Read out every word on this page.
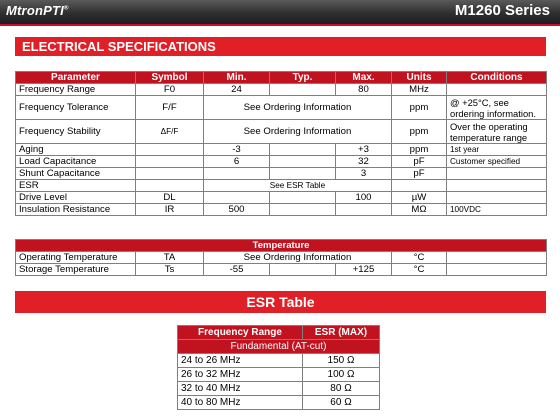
MtronPTI®	M1260 Series
ELECTRICAL SPECIFICATIONS
Parameter	Symbol	Min.	Typ.	Max.	Units	Conditions
Frequency Range	F0	24		80	MHz	
Frequency Tolerance	F/F	See Ordering Information			ppm	@ +25°C, see ordering information.
Frequency Stability	ΔF/F	See Ordering Information			ppm	Over the operating temperature range
Aging		-3		+3	ppm	1st year
Load Capacitance		6		32	pF	Customer specified
Shunt Capacitance				3	pF	
ESR		See ESR Table				
Drive Level	DL			100	µW	
Insulation Resistance	IR	500			MΩ	100VDC
Temperature						
Operating Temperature	TA	See Ordering Information			°C	
Storage Temperature	Ts	-55		+125	°C	
ESR Table
Frequency Range	ESR (MAX)
Fundamental (AT-cut)	
24 to 26 MHz	150 Ω
26 to 32 MHz	100 Ω
32 to 40 MHz	80 Ω
40 to 80 MHz	60 Ω
